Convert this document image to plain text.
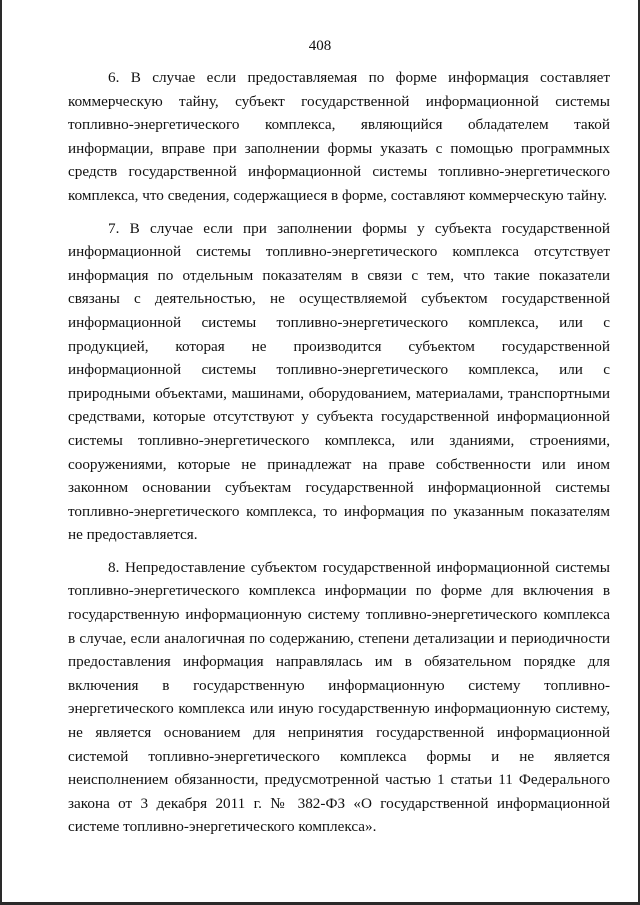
408

6. В случае если предоставляемая по форме информация составляет коммерческую тайну, субъект государственной информационной системы топливно-энергетического комплекса, являющийся обладателем такой информации, вправе при заполнении формы указать с помощью программных средств государственной информационной системы топливно-энергетического комплекса, что сведения, содержащиеся в форме, составляют коммерческую тайну.

7. В случае если при заполнении формы у субъекта государственной информационной системы топливно-энергетического комплекса отсутствует информация по отдельным показателям в связи с тем, что такие показатели связаны с деятельностью, не осуществляемой субъектом государственной информационной системы топливно-энергетического комплекса, или с продукцией, которая не производится субъектом государственной информационной системы топливно-энергетического комплекса, или с природными объектами, машинами, оборудованием, материалами, транспортными средствами, которые отсутствуют у субъекта государственной информационной системы топливно-энергетического комплекса, или зданиями, строениями, сооружениями, которые не принадлежат на праве собственности или ином законном основании субъектам государственной информационной системы топливно-энергетического комплекса, то информация по указанным показателям не предоставляется.

8. Непредоставление субъектом государственной информационной системы топливно-энергетического комплекса информации по форме для включения в государственную информационную систему топливно-энергетического комплекса в случае, если аналогичная по содержанию, степени детализации и периодичности предоставления информация направлялась им в обязательном порядке для включения в государственную информационную систему топливно-энергетического комплекса или иную государственную информационную систему, не является основанием для непринятия государственной информационной системой топливно-энергетического комплекса формы и не является неисполнением обязанности, предусмотренной частью 1 статьи 11 Федерального закона от 3 декабря 2011 г. № 382-ФЗ «О государственной информационной системе топливно-энергетического комплекса».
